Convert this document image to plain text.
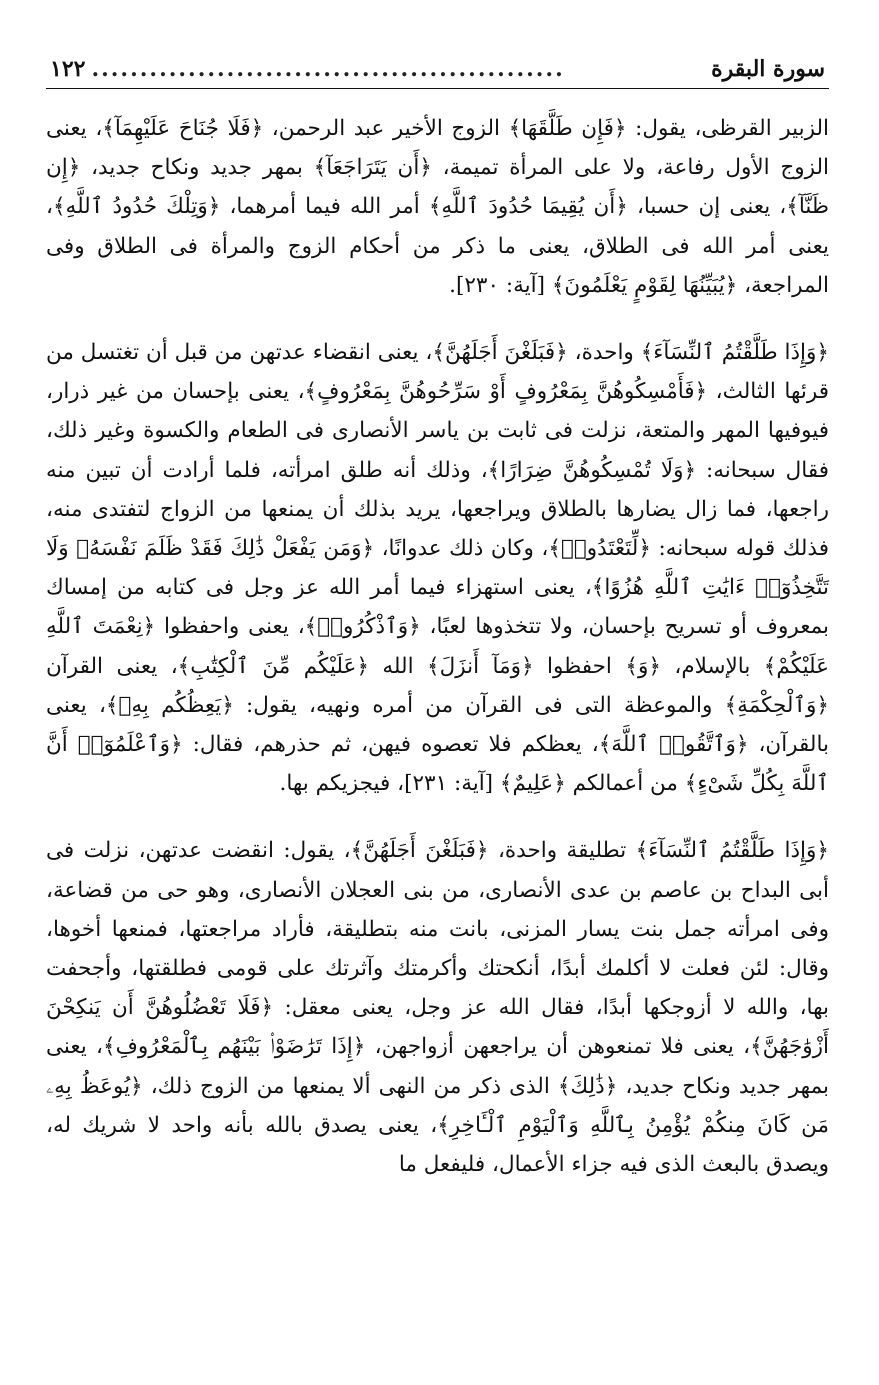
سورة البقرة
.................................................
١٢٢

الزبير القرظى، يقول: ﴿فَإِن طَلَّقَهَا﴾ الزوج الأخير عبد الرحمن، ﴿فَلَا جُنَاحَ عَلَيْهِمَآ﴾، يعنى الزوج الأول رفاعة، ولا على المرأة تميمة، ﴿أَن يَتَرَاجَعَآ﴾ بمهر جديد ونكاح جديد، ﴿إِن ظَنَّآ﴾، يعنى إن حسبا، ﴿أَن يُقِيمَا حُدُودَ ٱللَّهِ﴾ أمر الله فيما أمرهما، ﴿وَتِلْكَ حُدُودُ ٱللَّهِ﴾، يعنى أمر الله فى الطلاق، يعنى ما ذكر من أحكام الزوج والمرأة فى الطلاق وفى المراجعة، ﴿يُبَيِّنُهَا لِقَوْمٍ يَعْلَمُونَ﴾ [آية: ٢٣٠].

﴿وَإِذَا طَلَّقْتُمُ ٱلنِّسَآءَ﴾ واحدة، ﴿فَبَلَغْنَ أَجَلَهُنَّ﴾، يعنى انقضاء عدتهن من قبل أن تغتسل من قرئها الثالث، ﴿فَأَمْسِكُوهُنَّ بِمَعْرُوفٍ أَوْ سَرِّحُوهُنَّ بِمَعْرُوفٍ﴾، يعنى بإحسان من غير ذرار، فيوفيها المهر والمتعة، نزلت فى ثابت بن ياسر الأنصارى فى الطعام والكسوة وغير ذلك، فقال سبحانه: ﴿وَلَا تُمْسِكُوهُنَّ ضِرَارًا﴾، وذلك أنه طلق امرأته، فلما أرادت أن تبين منه راجعها، فما زال يضارها بالطلاق ويراجعها، يريد بذلك أن يمنعها من الزواج لتفتدى منه، فذلك قوله سبحانه: ﴿لِّتَعْتَدُوا۟﴾، وكان ذلك عدوانًا، ﴿وَمَن يَفْعَلْ ذَٰلِكَ فَقَدْ ظَلَمَ نَفْسَهُۥ وَلَا تَتَّخِذُوٓا۟ ءَايَٰتِ ٱللَّهِ هُزُوًا﴾، يعنى استهزاء فيما أمر الله عز وجل فى كتابه من إمساك بمعروف أو تسريح بإحسان، ولا تتخذوها لعبًا، ﴿وَٱذْكُرُوا۟﴾، يعنى واحفظوا ﴿نِعْمَتَ ٱللَّهِ عَلَيْكُمْ﴾ بالإسلام، ﴿وَ﴾ احفظوا ﴿وَمَآ أَنزَلَ﴾ الله ﴿عَلَيْكُم مِّنَ ٱلْكِتَٰبِ﴾، يعنى القرآن ﴿وَٱلْحِكْمَةِ﴾ والموعظة التى فى القرآن من أمره ونهيه، يقول: ﴿يَعِظُكُم بِهِۦ﴾، يعنى بالقرآن، ﴿وَٱتَّقُوا۟ ٱللَّهَ﴾، يعظكم فلا تعصوه فيهن، ثم حذرهم، فقال: ﴿وَٱعْلَمُوٓا۟ أَنَّ ٱللَّهَ بِكُلِّ شَىْءٍ﴾ من أعمالكم ﴿عَلِيمٌ﴾ [آية: ٢٣١]، فيجزيكم بها.

﴿وَإِذَا طَلَّقْتُمُ ٱلنِّسَآءَ﴾ تطليقة واحدة، ﴿فَبَلَغْنَ أَجَلَهُنَّ﴾، يقول: انقضت عدتهن، نزلت فى أبى البداح بن عاصم بن عدى الأنصارى، من بنى العجلان الأنصارى، وهو حى من قضاعة، وفى امرأته جمل بنت يسار المزنى، بانت منه بتطليقة، فأراد مراجعتها، فمنعها أخوها، وقال: لئن فعلت لا أكلمك أبدًا، أنكحتك وأكرمتك وآثرتك على قومى فطلقتها، وأجحفت بها، والله لا أزوجكها أبدًا، فقال الله عز وجل، يعنى معقل: ﴿فَلَا تَعْضُلُوهُنَّ أَن يَنكِحْنَ أَزْوَٰجَهُنَّ﴾، يعنى فلا تمنعوهن أن يراجعهن أزواجهن، ﴿إِذَا تَرَٰضَوْا۟ بَيْنَهُم بِٱلْمَعْرُوفِ﴾، يعنى بمهر جديد ونكاح جديد، ﴿ذَٰلِكَ﴾ الذى ذكر من النهى ألا يمنعها من الزوج ذلك، ﴿يُوعَظُ بِهِۦ مَن كَانَ مِنكُمْ يُؤْمِنُ بِٱللَّهِ وَٱلْيَوْمِ ٱلْـَٔاخِرِ﴾، يعنى يصدق بالله بأنه واحد لا شريك له، ويصدق بالبعث الذى فيه جزاء الأعمال، فليفعل ما
